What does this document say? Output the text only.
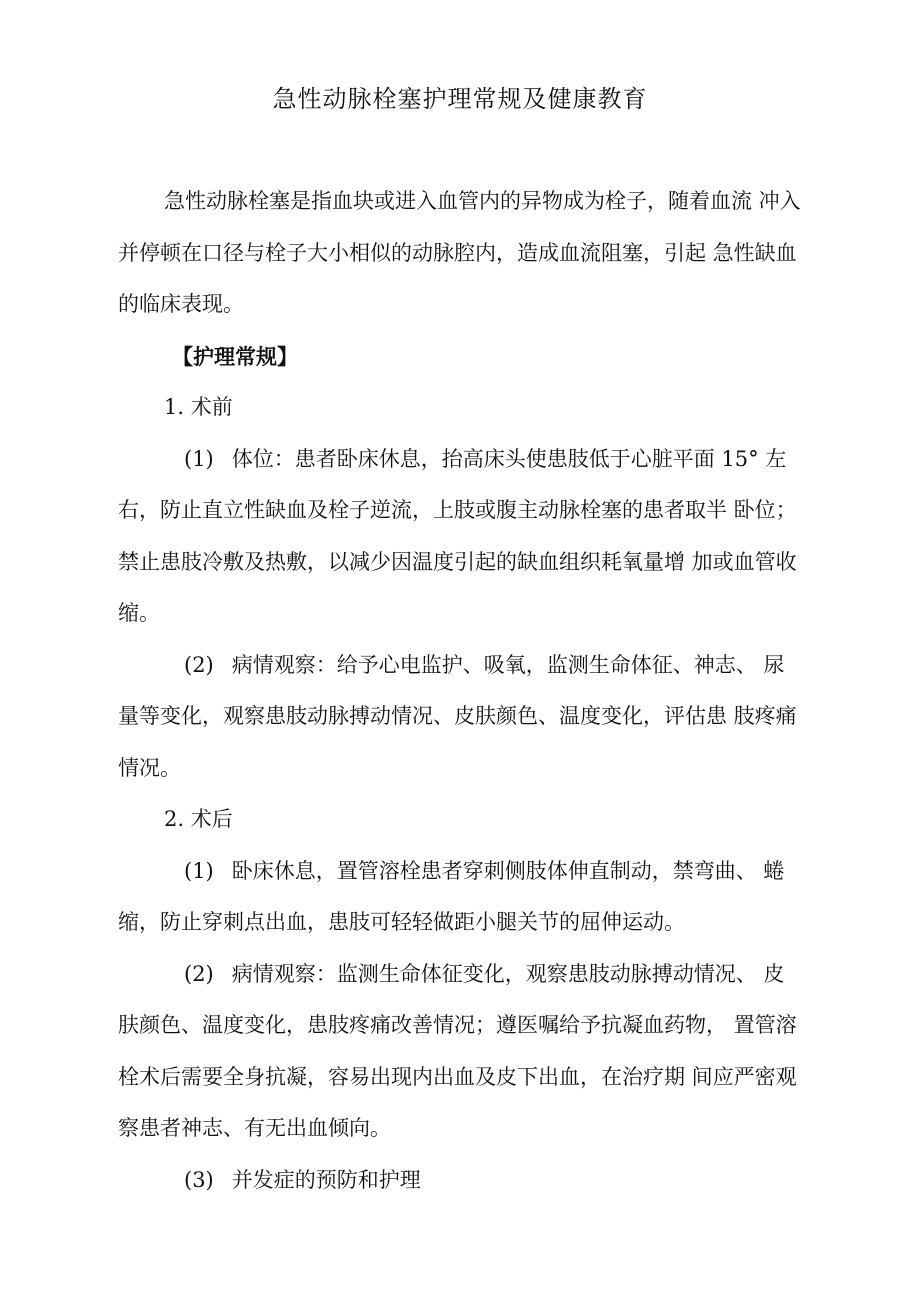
急性动脉栓塞护理常规及健康教育

急性动脉栓塞是指血块或进入血管内的异物成为栓子，随着血流 冲入并停顿在口径与栓子大小相似的动脉腔内，造成血流阻塞，引起 急性缺血的临床表现。

【护理常规】

1. 术前

(1) 体位：患者卧床休息，抬高床头使患肢低于心脏平面 15° 左右，防止直立性缺血及栓子逆流，上肢或腹主动脉栓塞的患者取半 卧位；禁止患肢冷敷及热敷，以减少因温度引起的缺血组织耗氧量增 加或血管收缩。

(2) 病情观察：给予心电监护、吸氧，监测生命体征、神志、 尿量等变化，观察患肢动脉搏动情况、皮肤颜色、温度变化，评估患 肢疼痛情况。

2. 术后

(1) 卧床休息，置管溶栓患者穿刺侧肢体伸直制动，禁弯曲、 蜷缩，防止穿刺点出血，患肢可轻轻做距小腿关节的屈伸运动。

(2) 病情观察：监测生命体征变化，观察患肢动脉搏动情况、 皮肤颜色、温度变化，患肢疼痛改善情况；遵医嘱给予抗凝血药物， 置管溶栓术后需要全身抗凝，容易出现内出血及皮下出血，在治疗期 间应严密观察患者神志、有无出血倾向。

(3) 并发症的预防和护理
